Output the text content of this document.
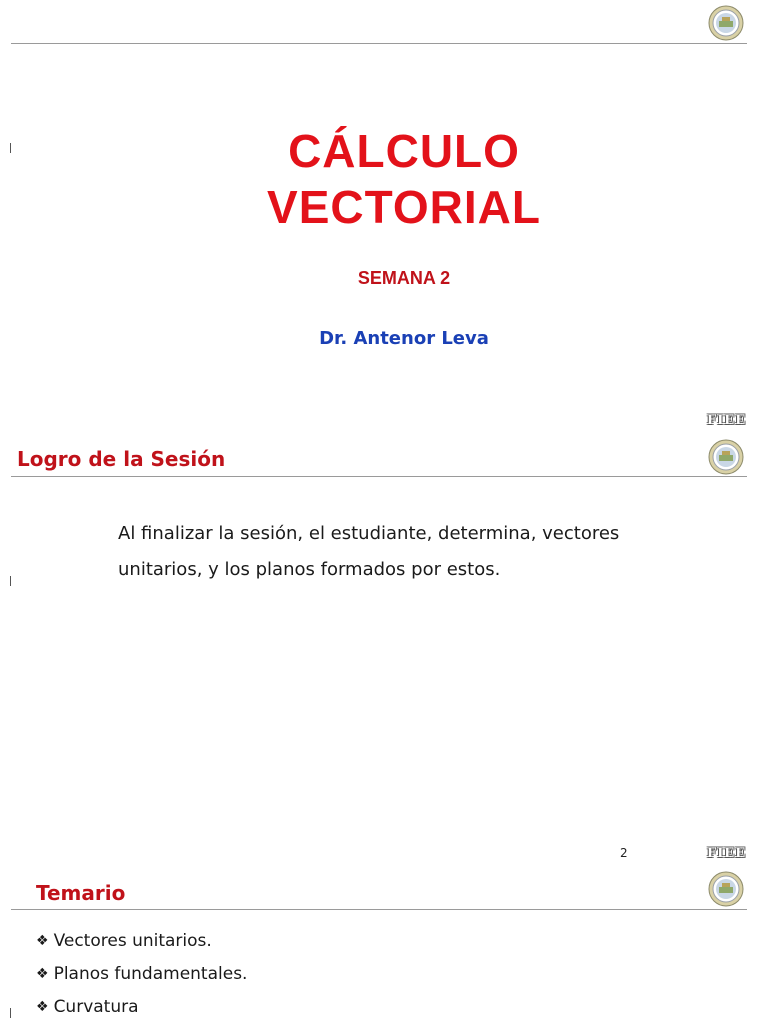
CÁLCULO
VECTORIAL
SEMANA 2
Dr. Antenor Leva
FIEE
Logro de la Sesión
Al finalizar la sesión, el estudiante, determina, vectores
unitarios, y los planos formados por estos.
2	FIEE
Temario
❖ Vectores unitarios.
❖ Planos fundamentales.
❖ Curvatura
